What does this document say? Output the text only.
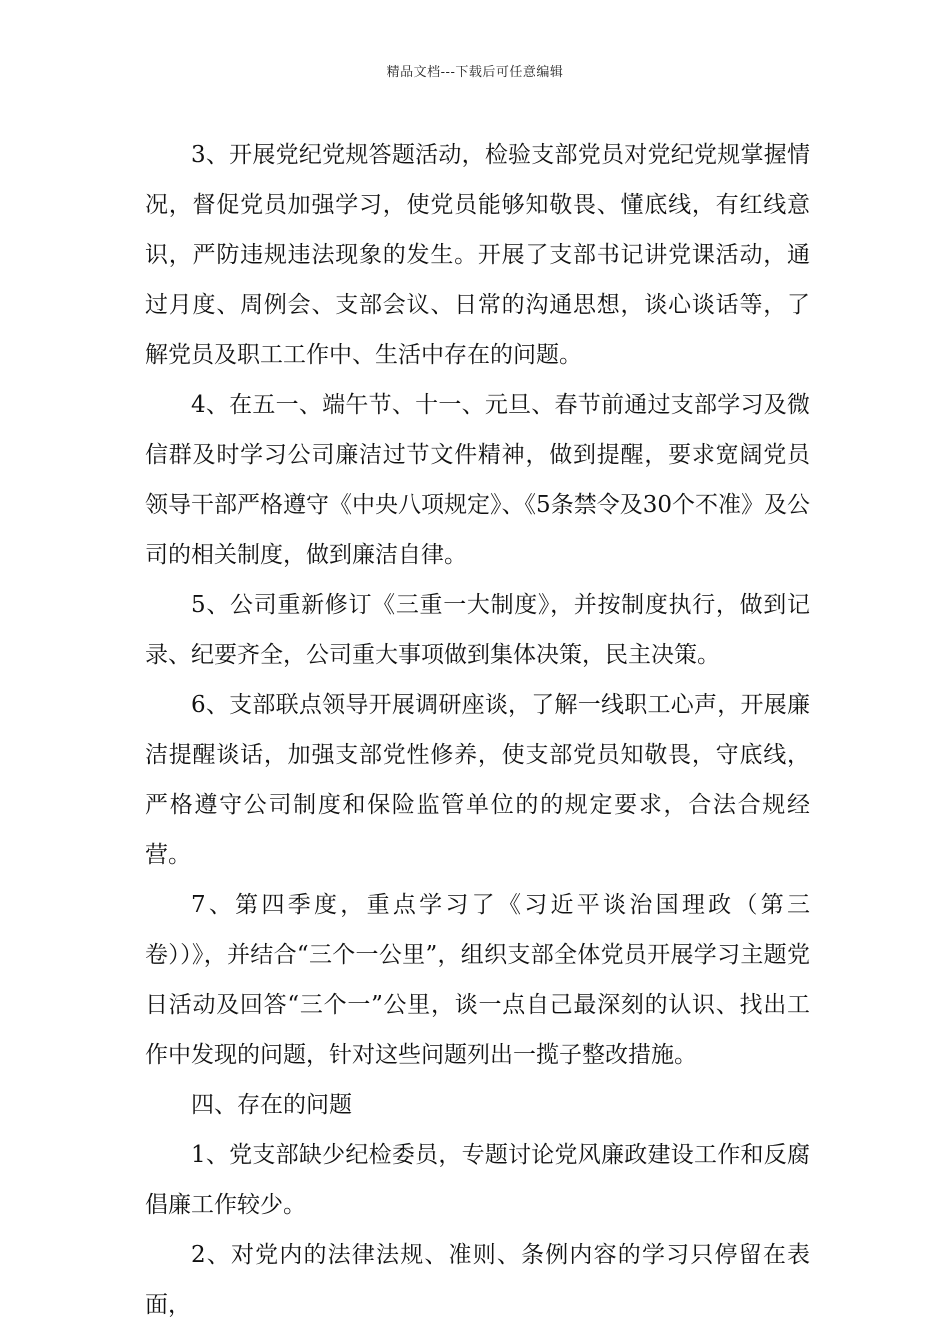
精品文档---下载后可任意编辑

3、开展党纪党规答题活动，检验支部党员对党纪党规掌握情况，督促党员加强学习，使党员能够知敬畏、懂底线，有红线意识，严防违规违法现象的发生。开展了支部书记讲党课活动，通过月度、周例会、支部会议、日常的沟通思想，谈心谈话等，了解党员及职工工作中、生活中存在的问题。

4、在五一、端午节、十一、元旦、春节前通过支部学习及微信群及时学习公司廉洁过节文件精神，做到提醒，要求宽阔党员领导干部严格遵守《中央八项规定》、《5条禁令及30个不准》及公司的相关制度，做到廉洁自律。

5、公司重新修订《三重一大制度》，并按制度执行，做到记录、纪要齐全，公司重大事项做到集体决策，民主决策。

6、支部联点领导开展调研座谈，了解一线职工心声，开展廉洁提醒谈话，加强支部党性修养，使支部党员知敬畏，守底线，严格遵守公司制度和保险监管单位的的规定要求，合法合规经营。

7、第四季度，重点学习了《习近平谈治国理政（第三卷））》，并结合“三个一公里”，组织支部全体党员开展学习主题党日活动及回答“三个一”公里，谈一点自己最深刻的认识、找出工作中发现的问题，针对这些问题列出一揽子整改措施。

四、存在的问题

1、党支部缺少纪检委员，专题讨论党风廉政建设工作和反腐倡廉工作较少。

2、对党内的法律法规、准则、条例内容的学习只停留在表面，
